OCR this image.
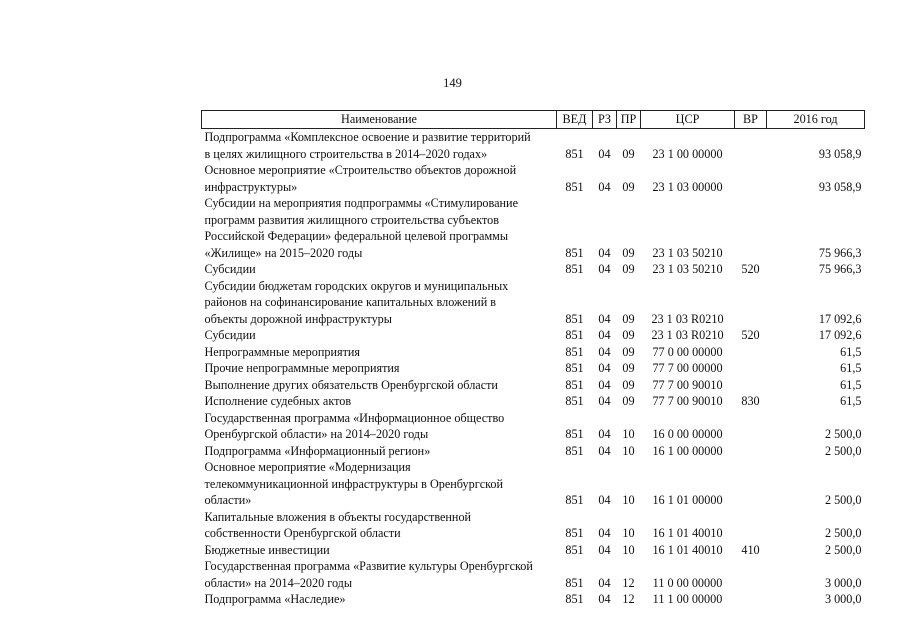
149
Наименование	ВЕД	РЗ	ПР	ЦСР	ВР	2016 год
Подпрограмма «Комплексное освоение и развитие территорий в целях жилищного строительства в 2014–2020 годах»	851	04	09	23 1 00 00000		93 058,9
Основное мероприятие «Строительство объектов дорожной инфраструктуры»	851	04	09	23 1 03 00000		93 058,9
Субсидии на мероприятия подпрограммы «Стимулирование программ развития жилищного строительства субъектов Российской Федерации» федеральной целевой программы «Жилище» на 2015–2020 годы	851	04	09	23 1 03 50210		75 966,3
Субсидии	851	04	09	23 1 03 50210	520	75 966,3
Субсидии бюджетам городских округов и муниципальных районов на софинансирование капитальных вложений в объекты дорожной инфраструктуры	851	04	09	23 1 03 R0210		17 092,6
Субсидии	851	04	09	23 1 03 R0210	520	17 092,6
Непрограммные мероприятия	851	04	09	77 0 00 00000		61,5
Прочие непрограммные мероприятия	851	04	09	77 7 00 00000		61,5
Выполнение других обязательств Оренбургской области	851	04	09	77 7 00 90010		61,5
Исполнение судебных актов	851	04	09	77 7 00 90010	830	61,5
Государственная программа «Информационное общество Оренбургской области» на 2014–2020 годы	851	04	10	16 0 00 00000		2 500,0
Подпрограмма «Информационный регион»	851	04	10	16 1 00 00000		2 500,0
Основное мероприятие «Модернизация телекоммуникационной инфраструктуры в Оренбургской области»	851	04	10	16 1 01 00000		2 500,0
Капитальные вложения в объекты государственной собственности Оренбургской области	851	04	10	16 1 01 40010		2 500,0
Бюджетные инвестиции	851	04	10	16 1 01 40010	410	2 500,0
Государственная программа «Развитие культуры Оренбургской области» на 2014–2020 годы	851	04	12	11 0 00 00000		3 000,0
Подпрограмма «Наследие»	851	04	12	11 1 00 00000		3 000,0
